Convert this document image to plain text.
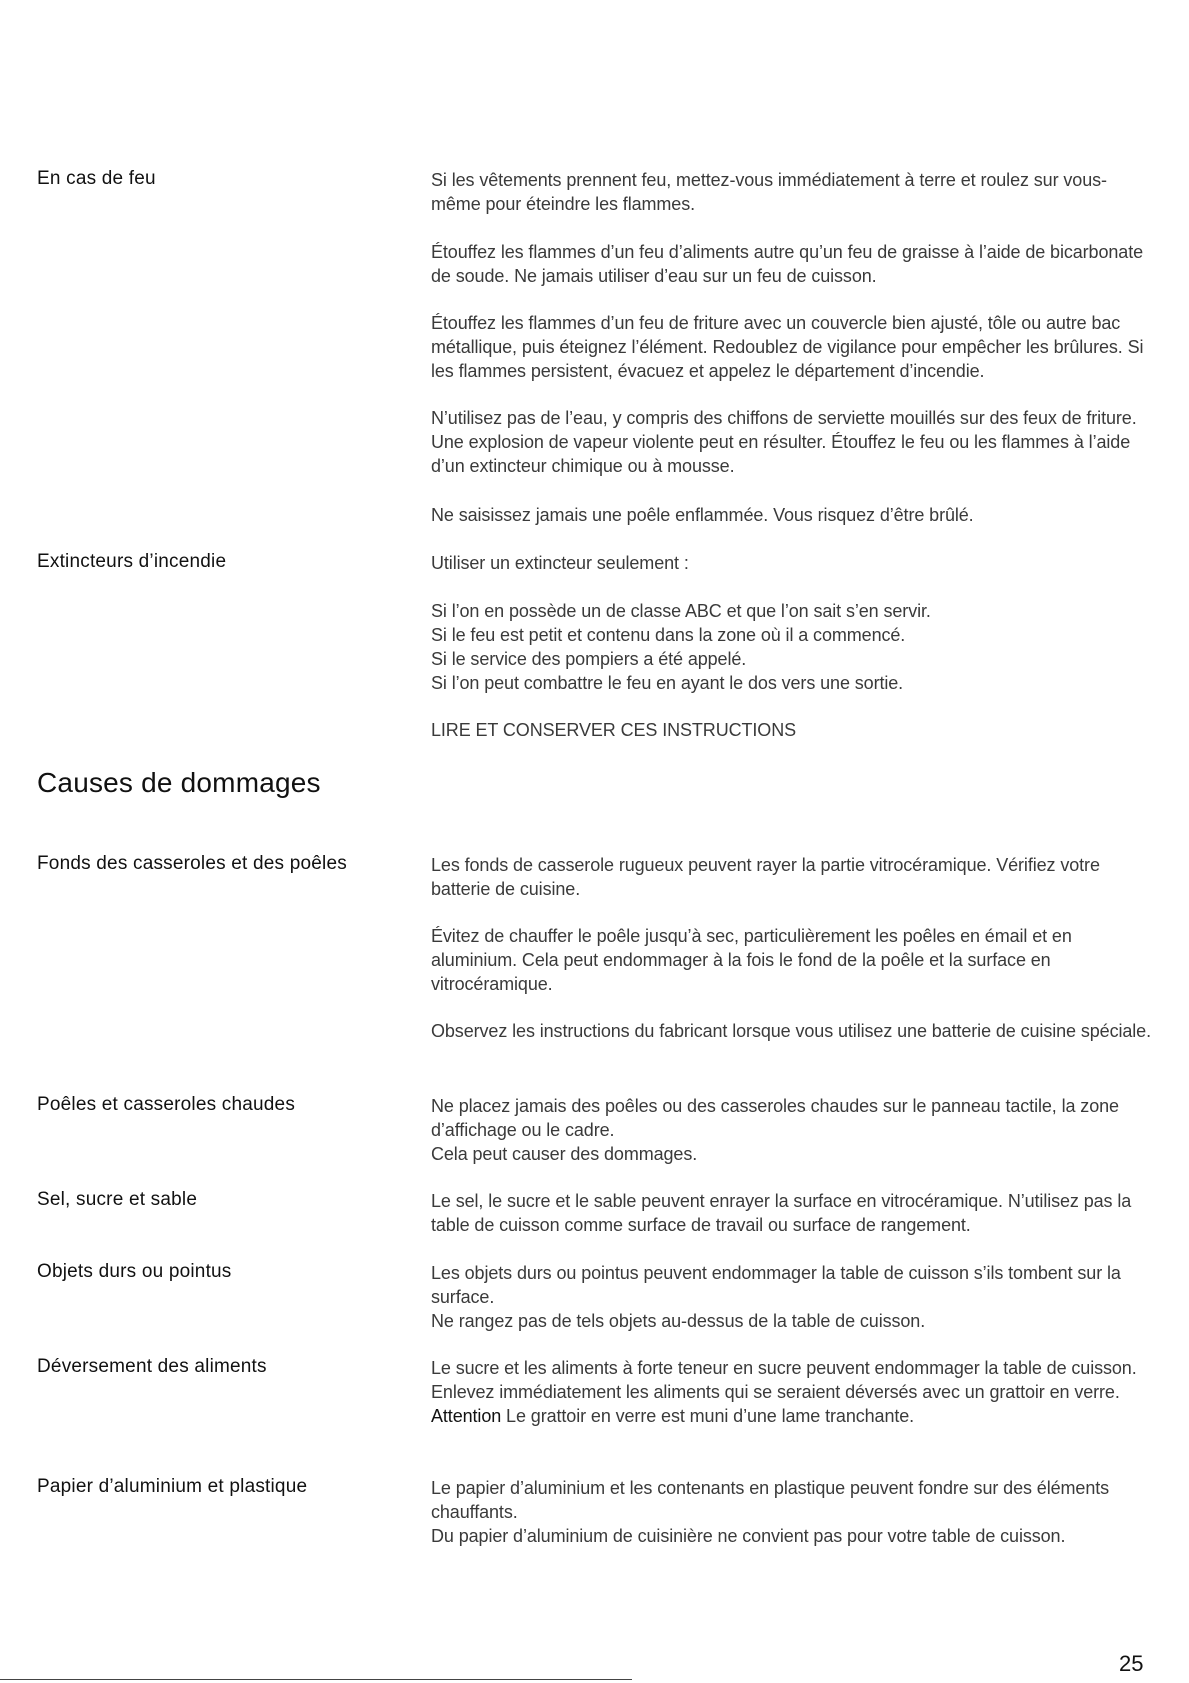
En cas de feu	Si les vêtements prennent feu, mettez-vous immédiatement à terre et roulez sur vous-même pour éteindre les flammes.
Étouffez les flammes d’un feu d’aliments autre qu’un feu de graisse à l’aide de bicarbonate de soude. Ne jamais utiliser d’eau sur un feu de cuisson.
Étouffez les flammes d’un feu de friture avec un couvercle bien ajusté, tôle ou autre bac métallique, puis éteignez l’élément. Redoublez de vigilance pour empêcher les brûlures. Si les flammes persistent, évacuez et appelez le département d’incendie.
N’utilisez pas de l’eau, y compris des chiffons de serviette mouillés sur des feux de friture. Une explosion de vapeur violente peut en résulter. Étouffez le feu ou les flammes à l’aide d’un extincteur chimique ou à mousse.
Ne saisissez jamais une poêle enflammée. Vous risquez d’être brûlé.
Extincteurs d’incendie	Utiliser un extincteur seulement :
Si l’on en possède un de classe ABC et que l’on sait s’en servir.
Si le feu est petit et contenu dans la zone où il a commencé.
Si le service des pompiers a été appelé.
Si l’on peut combattre le feu en ayant le dos vers une sortie.
LIRE ET CONSERVER CES INSTRUCTIONS
Causes de dommages
Fonds des casseroles et des poêles	Les fonds de casserole rugueux peuvent rayer la partie vitrocéramique. Vérifiez votre batterie de cuisine.
Évitez de chauffer le poêle jusqu’à sec, particulièrement les poêles en émail et en aluminium. Cela peut endommager à la fois le fond de la poêle et la surface en vitrocéramique.
Observez les instructions du fabricant lorsque vous utilisez une batterie de cuisine spéciale.
Poêles et casseroles chaudes	Ne placez jamais des poêles ou des casseroles chaudes sur le panneau tactile, la zone d’affichage ou le cadre.
Cela peut causer des dommages.
Sel, sucre et sable	Le sel, le sucre et le sable peuvent enrayer la surface en vitrocéramique. N’utilisez pas la table de cuisson comme surface de travail ou surface de rangement.
Objets durs ou pointus	Les objets durs ou pointus peuvent endommager la table de cuisson s’ils tombent sur la surface.
Ne rangez pas de tels objets au-dessus de la table de cuisson.
Déversement des aliments	Le sucre et les aliments à forte teneur en sucre peuvent endommager la table de cuisson. Enlevez immédiatement les aliments qui se seraient déversés avec un grattoir en verre.
Attention Le grattoir en verre est muni d’une lame tranchante.
Papier d’aluminium et plastique	Le papier d’aluminium et les contenants en plastique peuvent fondre sur des éléments chauffants.
Du papier d’aluminium de cuisinière ne convient pas pour votre table de cuisson.
25
